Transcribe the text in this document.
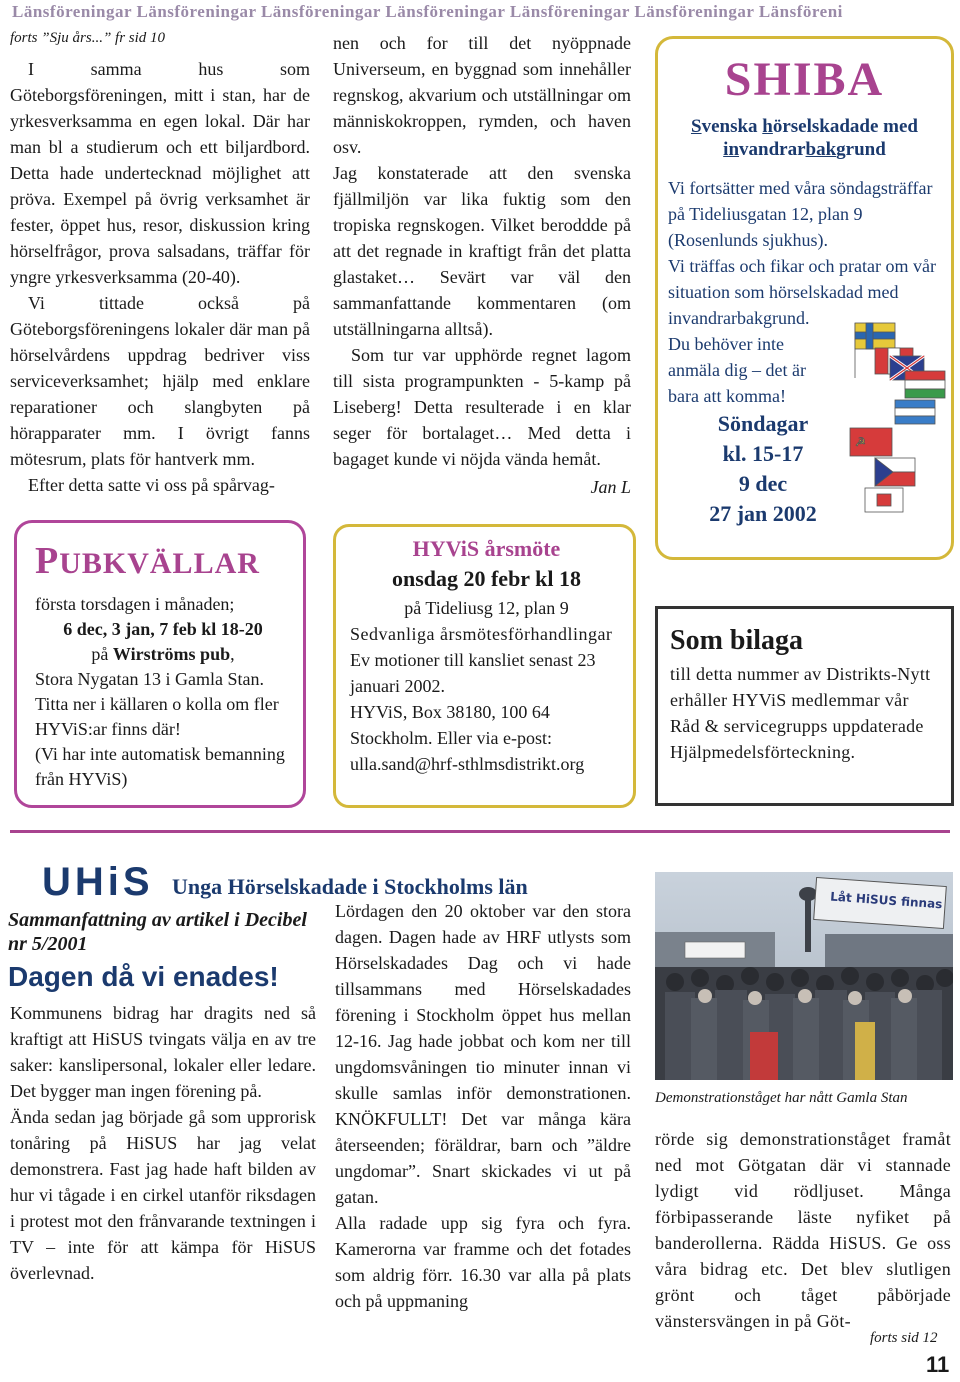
Länsföreningar Länsföreningar Länsföreningar Länsföreningar Länsföreningar Länsföreningar Länsföreni
forts ”Sju års...” fr sid 10

I samma hus som Göteborgsföreningen, mitt i stan, har de yrkesverksamma en egen lokal. Där har man bl a studierum och ett biljardbord. Detta hade undertecknad möjlighet att pröva. Exempel på övrig verksamhet är fester, öppet hus, resor, diskussion kring hörselfrågor, prova salsadans, träffar för yngre yrkesverksamma (20-40).

Vi tittade också på Göteborgsföreningens lokaler där man på hörselvårdens uppdrag bedriver viss serviceverksamhet; hjälp med enklare reparationer och slangbyten på hörapparater mm. I övrigt fanns mötesrum, plats för hantverk mm.

Efter detta satte vi oss på spårvag-

nen och for till det nyöppnade Universeum, en byggnad som innehåller regnskog, akvarium och utställningar om människokroppen, rymden, och haven osv.

Jag konstaterade att den svenska fjällmiljön var lika fuktig som den tropiska regnskogen. Vilket beroddde på att det regnade in kraftigt från det platta glastaket… Sevärt var väl den sammanfattande kommentaren (om utställningarna alltså).

Som tur var upphörde regnet lagom till sista programpunkten - 5-kamp på Liseberg! Detta resulterade i en klar seger för bortalaget… Med detta i bagaget kunde vi nöjda vända hemåt.

Jan L

PUBKVÄLLAR

första torsdagen i månaden;

6 dec, 3 jan, 7 feb kl 18-20

på Wirströms pub,

Stora Nygatan 13 i Gamla Stan.

Titta ner i källaren o kolla om fler HYViS:ar finns där!

(Vi har inte automatisk bemanning från HYViS)

SHIBA
Svenska hörselskadade med
invandrarbakgrund

Vi fortsätter med våra söndagsträffar på Tideliusgatan 12, plan 9 (Rosenlunds sjukhus).

Vi träffas och fikar och pratar om vår situation som hörselskadad med invandrarbakgrund.

Du behöver inte anmäla dig – det är bara att komma!

Söndagar

kl. 15-17

9 dec

27 jan 2002

☭
HYViS årsmöte
onsdag 20 febr kl 18

på Tideliusg 12, plan 9

Sedvanliga årsmötesförhandlingar

Ev motioner till kansliet senast 23 januari 2002.

HYViS, Box 38180, 100 64 Stockholm. Eller via e-post: ulla.sand@hrf-sthlmsdistrikt.org

Som bilaga

till detta nummer av Distrikts-Nytt erhåller HYViS medlemmar vår Råd & servicegrupps uppdaterade Hjälpmedelsförteckning.

UHiS Unga Hörselskadade i Stockholms län
Sammanfattning av artikel i Decibel nr 5/2001
Dagen då vi enades!

Kommunens bidrag har dragits ned så kraftigt att HiSUS tvingats välja en av tre saker: kanslipersonal, lokaler eller ledare. Det bygger man ingen förening på.

Ända sedan jag började gå som upprorisk tonåring på HiSUS har jag velat demonstrera. Fast jag hade haft bilden av hur vi tågade i en cirkel utanför riksdagen i protest mot den frånvarande textningen i TV – inte för att kämpa för HiSUS överlevnad.

Lördagen den 20 oktober var den stora dagen. Dagen hade av HRF utlysts som Hörselskadades Dag och vi hade tillsammans med Hörselskadades förening i Stockholm öppet hus mellan 12-16. Jag hade jobbat och kom ner till ungdomsvåningen tio minuter innan vi skulle samlas inför demonstrationen. KNÖKFULLT! Det var många kära återseenden; föräldrar, barn och ”äldre ungdomar”. Snart skickades vi ut på gatan.

Alla radade upp sig fyra och fyra. Kamerorna var framme och det fotades som aldrig förr. 16.30 var alla på plats och på uppmaning

Låt HiSUS finnas
Demonstrationståget har nått Gamla Stan

rörde sig demonstrationståget framåt ned mot Götgatan där vi stannade lydigt vid rödljuset. Många förbipasserande läste nyfiket på banderollerna. Rädda HiSUS. Ge oss våra bidrag etc. Det blev slutligen grönt och tåget påbörjade vänstersvängen in på Göt-

forts sid 12
11
